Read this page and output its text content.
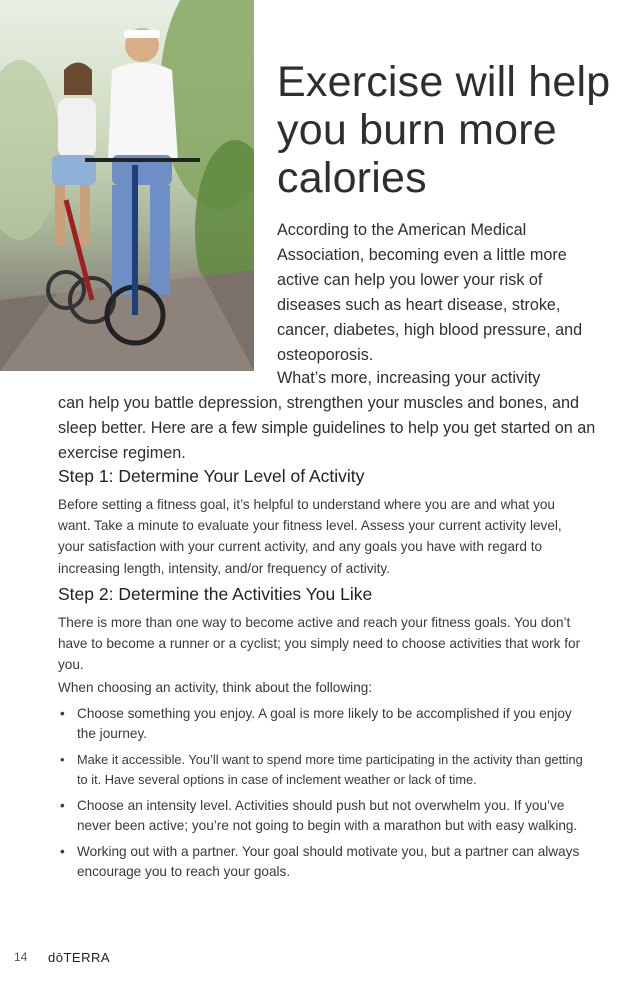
Exercise will help you burn more calories

According to the American Medical Association, becoming even a little more active can help you lower your risk of diseases such as heart disease, stroke, cancer, diabetes, high blood pressure, and osteoporosis.

What’s more, increasing your activity

can help you battle depression, strengthen your muscles and bones, and sleep better. Here are a few simple guidelines to help you get started on an exercise regimen.

Step 1: Determine Your Level of Activity

Before setting a fitness goal, it’s helpful to understand where you are and what you want. Take a minute to evaluate your fitness level. Assess your current activity level, your satisfaction with your current activity, and any goals you have with regard to increasing length, intensity, and/or frequency of activity.

Step 2: Determine the Activities You Like

There is more than one way to become active and reach your fitness goals. You don’t have to become a runner or a cyclist; you simply need to choose activities that work for you.

When choosing an activity, think about the following:

• Choose something you enjoy. A goal is more likely to be accomplished if you enjoy the journey.
• Make it accessible. You’ll want to spend more time participating in the activity than getting to it. Have several options in case of inclement weather or lack of time.
• Choose an intensity level. Activities should push but not overwhelm you. If you’ve never been active; you’re not going to begin with a marathon but with easy walking.
• Working out with a partner. Your goal should motivate you, but a partner can always encourage you to reach your goals.
14	dōTERRA
